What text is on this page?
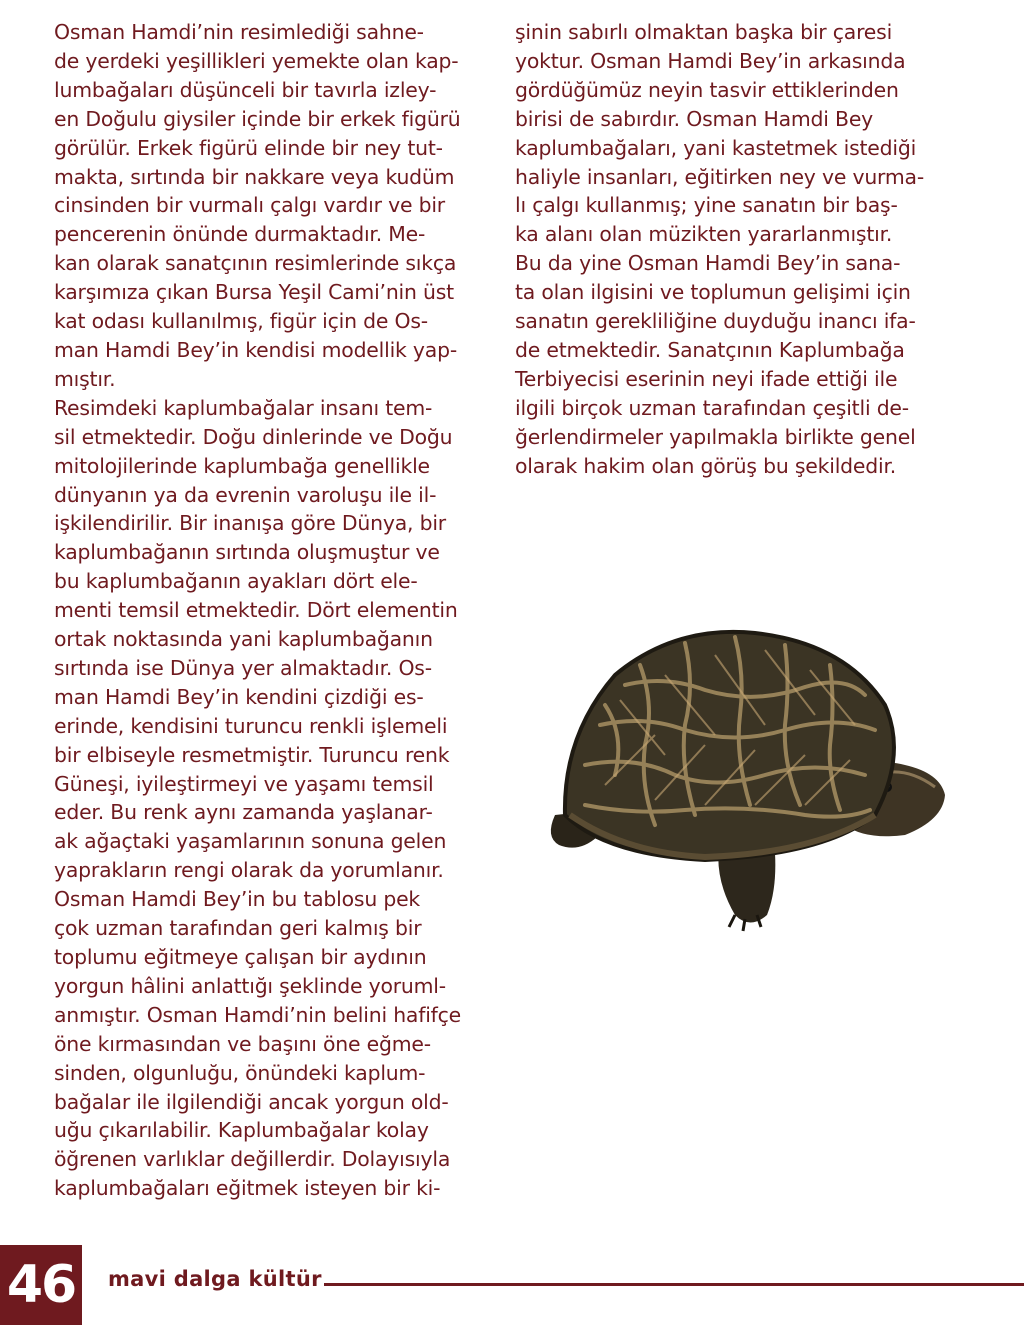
Osman Hamdi’nin resimlediği sahne-
de yerdeki yeşillikleri yemekte olan kap-
lumbağaları düşünceli bir tavırla izley-
en Doğulu giysiler içinde bir erkek figürü
görülür. Erkek figürü elinde bir ney tut-
makta, sırtında bir nakkare veya kudüm
cinsinden bir vurmalı çalgı vardır ve bir
pencerenin önünde durmaktadır. Me-
kan olarak sanatçının resimlerinde sıkça
karşımıza çıkan Bursa Yeşil Cami’nin üst
kat odası kullanılmış, figür için de Os-
man Hamdi Bey’in kendisi modellik yap-
mıştır.
Resimdeki kaplumbağalar insanı tem-
sil etmektedir. Doğu dinlerinde ve Doğu
mitolojilerinde kaplumbağa genellikle
dünyanın ya da evrenin varoluşu ile il-
işkilendirilir. Bir inanışa göre Dünya, bir
kaplumbağanın sırtında oluşmuştur ve
bu kaplumbağanın ayakları dört ele-
menti temsil etmektedir. Dört elementin
ortak noktasında yani kaplumbağanın
sırtında ise Dünya yer almaktadır. Os-
man Hamdi Bey’in kendini çizdiği es-
erinde, kendisini turuncu renkli işlemeli
bir elbiseyle resmetmiştir. Turuncu renk
Güneşi, iyileştirmeyi ve yaşamı temsil
eder. Bu renk aynı zamanda yaşlanar-
ak ağaçtaki yaşamlarının sonuna gelen
yaprakların rengi olarak da yorumlanır.
Osman Hamdi Bey’in bu tablosu pek
çok uzman tarafından geri kalmış bir
toplumu eğitmeye çalışan bir aydının
yorgun hâlini anlattığı şeklinde yoruml-
anmıştır. Osman Hamdi’nin belini hafifçe
öne kırmasından ve başını öne eğme-
sinden, olgunluğu, önündeki kaplum-
bağalar ile ilgilendiği ancak yorgun old-
uğu çıkarılabilir. Kaplumbağalar kolay
öğrenen varlıklar değillerdir. Dolayısıyla
kaplumbağaları eğitmek isteyen bir ki-
şinin sabırlı olmaktan başka bir çaresi
yoktur. Osman Hamdi Bey’in arkasında
gördüğümüz neyin tasvir ettiklerinden
birisi de sabırdır. Osman Hamdi Bey
kaplumbağaları, yani kastetmek istediği
haliyle insanları, eğitirken ney ve vurma-
lı çalgı kullanmış; yine sanatın bir baş-
ka alanı olan müzikten yararlanmıştır.
Bu da yine Osman Hamdi Bey’in sana-
ta olan ilgisini ve toplumun gelişimi için
sanatın gerekliliğine duyduğu inancı ifa-
de etmektedir. Sanatçının Kaplumbağa
Terbiyecisi eserinin neyi ifade ettiği ile
ilgili birçok uzman tarafından çeşitli de-
ğerlendirmeler yapılmakla birlikte genel
olarak hakim olan görüş bu şekildedir.
46	mavi dalga kültür
